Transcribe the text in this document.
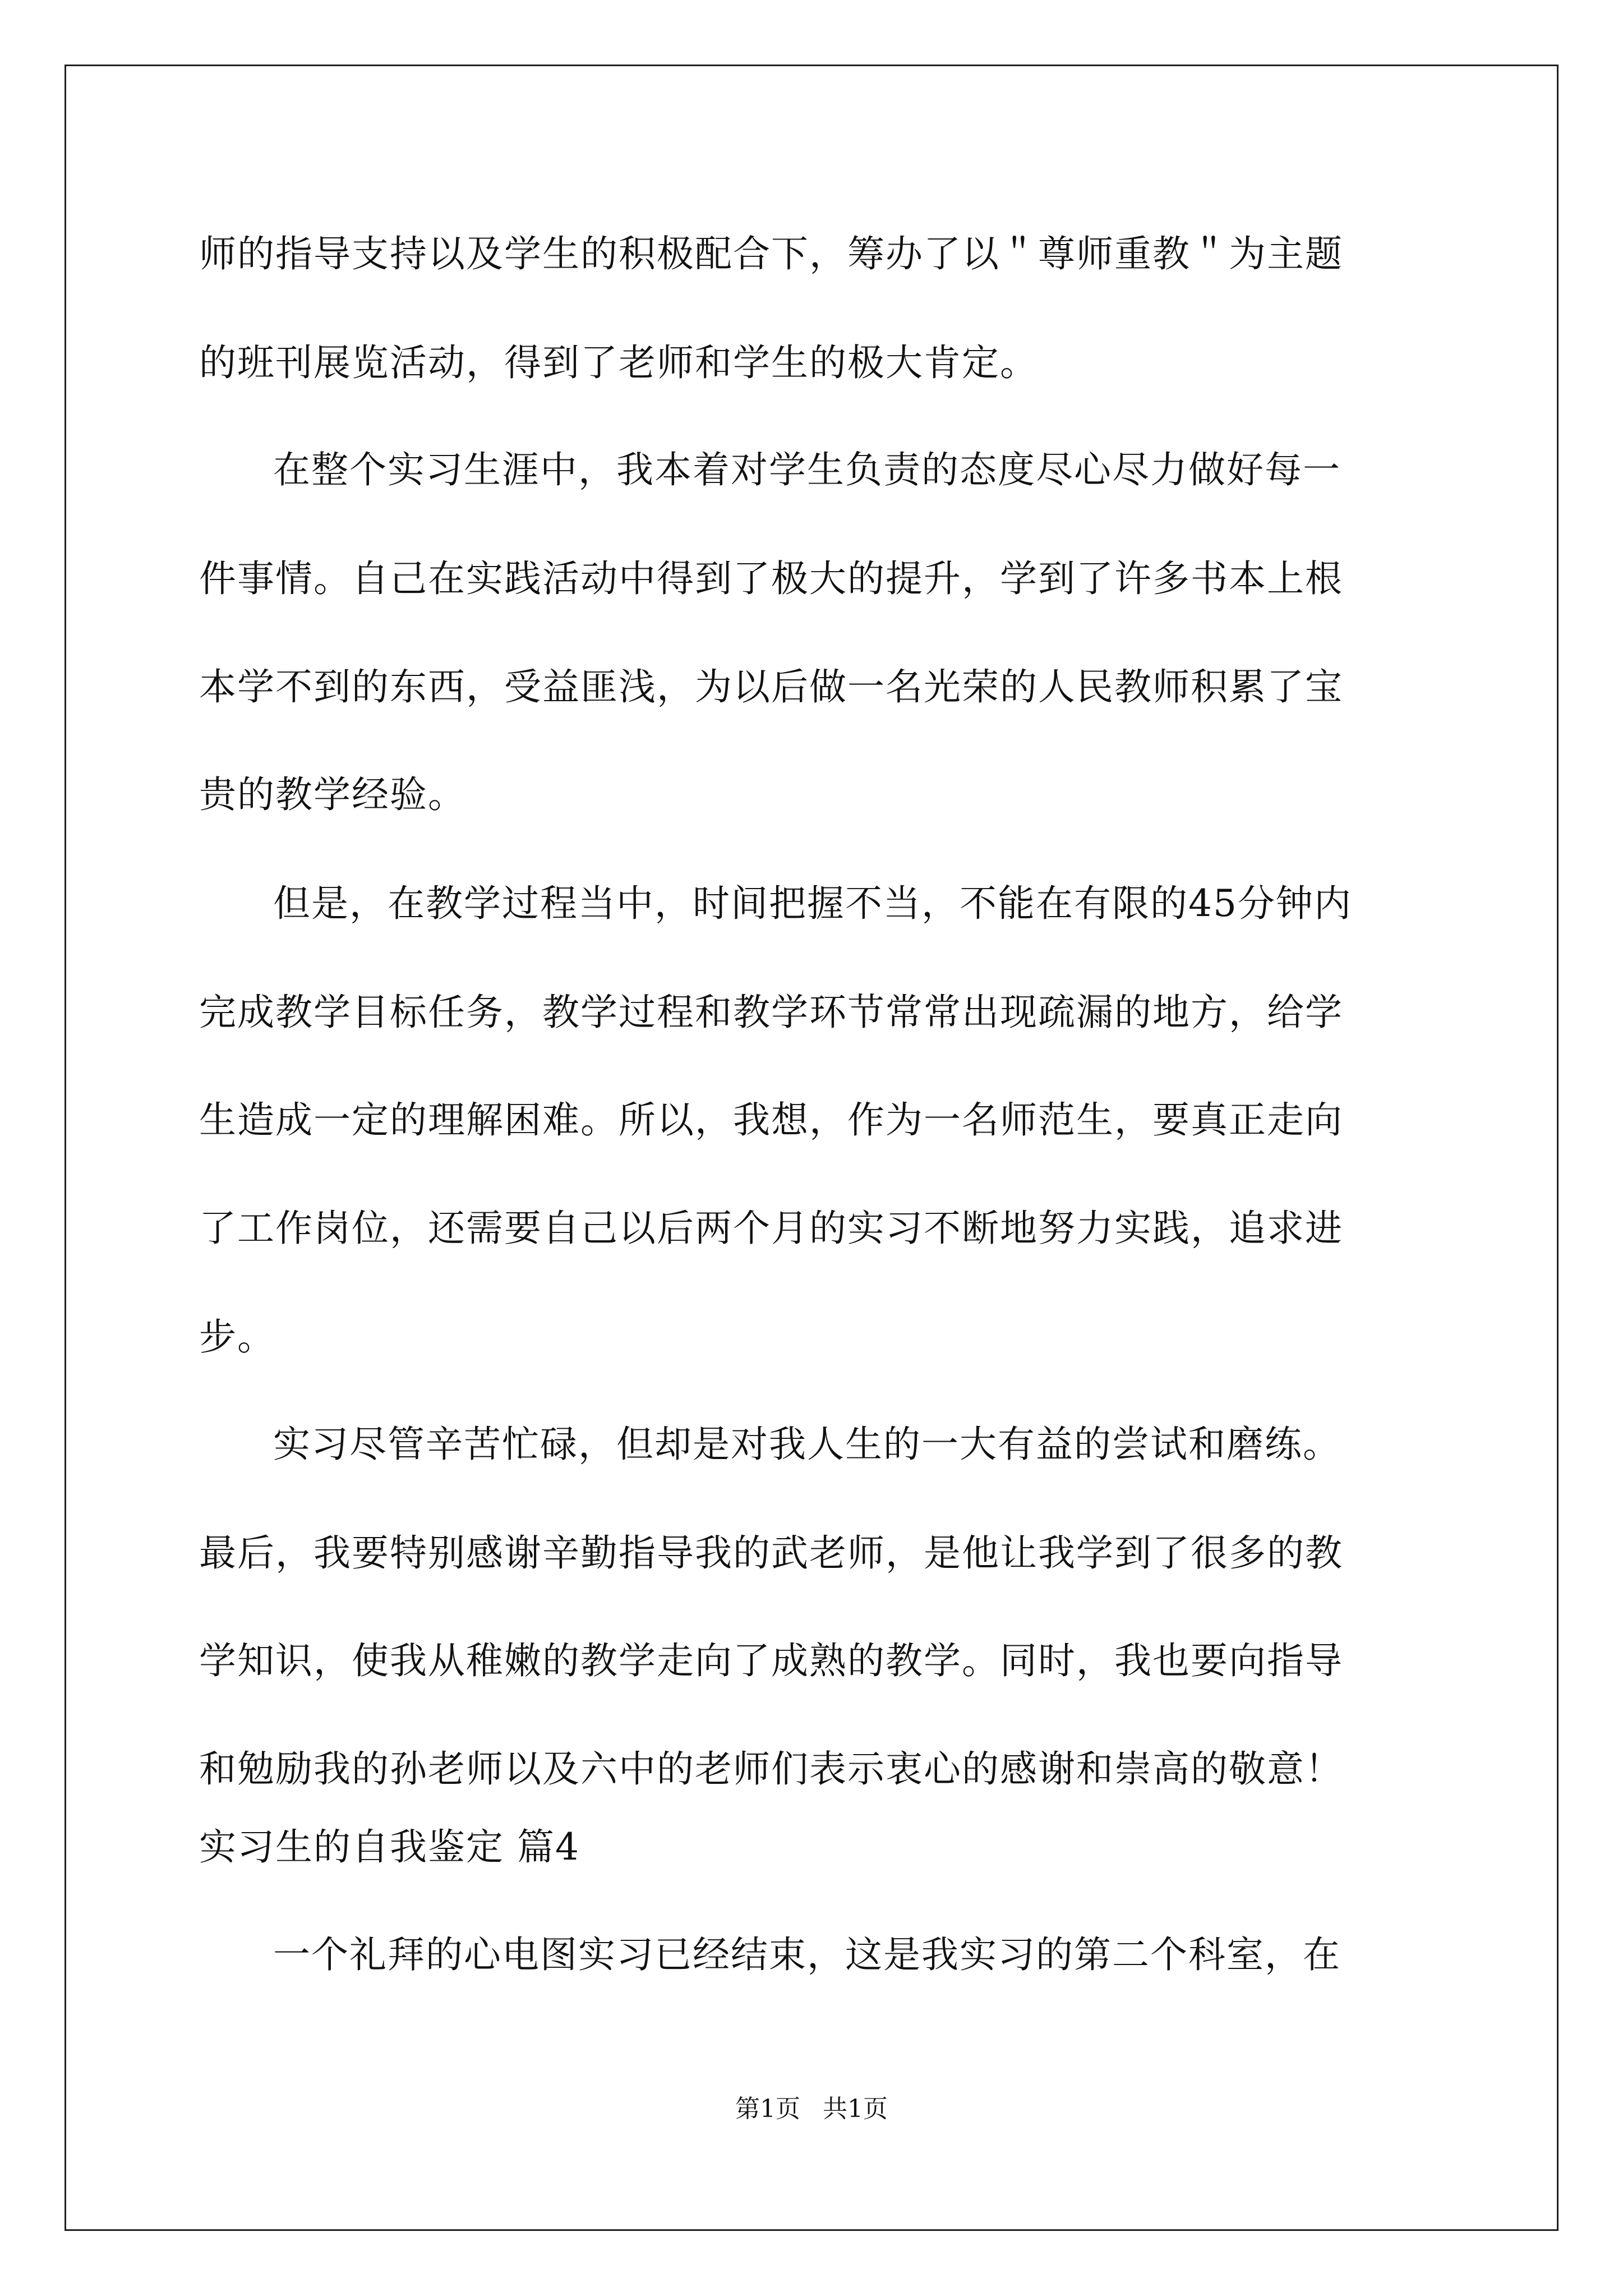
师的指导支持以及学生的积极配合下，筹办了以＂尊师重教＂为主题
的班刊展览活动，得到了老师和学生的极大肯定。
在整个实习生涯中，我本着对学生负责的态度尽心尽力做好每一
件事情。自己在实践活动中得到了极大的提升，学到了许多书本上根
本学不到的东西，受益匪浅，为以后做一名光荣的人民教师积累了宝
贵的教学经验。
但是，在教学过程当中，时间把握不当，不能在有限的45分钟内
完成教学目标任务，教学过程和教学环节常常出现疏漏的地方，给学
生造成一定的理解困难。所以，我想，作为一名师范生，要真正走向
了工作岗位，还需要自己以后两个月的实习不断地努力实践，追求进
步。
实习尽管辛苦忙碌，但却是对我人生的一大有益的尝试和磨练。
最后，我要特别感谢辛勤指导我的武老师，是他让我学到了很多的教
学知识，使我从稚嫩的教学走向了成熟的教学。同时，我也要向指导
和勉励我的孙老师以及六中的老师们表示衷心的感谢和崇高的敬意！
实习生的自我鉴定 篇4
一个礼拜的心电图实习已经结束，这是我实习的第二个科室，在
第1页 共1页
